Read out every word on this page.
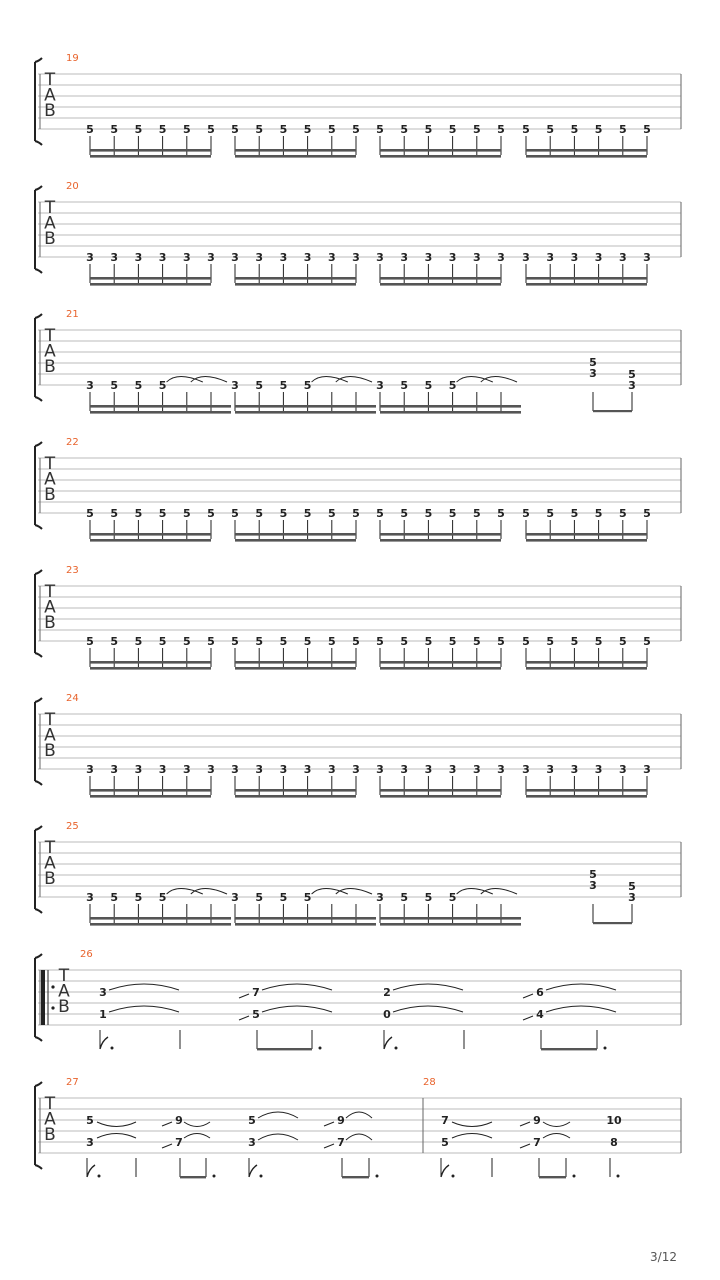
T
A
B
19
5 5 5 5 5 5 5 5 5 5 5 5 5 5 5 5 5 5 5 5 5 5 5 5
T
A
B
20
3 3 3 3 3 3 3 3 3 3 3 3 3 3 3 3 3 3 3 3 3 3 3 3
T
A
B
21
3 5 5 5	3 5 5 5	3 5 5 5
5
3	5
3
T
A
B
22
5 5 5 5 5 5 5 5 5 5 5 5 5 5 5 5 5 5 5 5 5 5 5 5
T
A
B
23
5 5 5 5 5 5 5 5 5 5 5 5 5 5 5 5 5 5 5 5 5 5 5 5
T
A
B
24
3 3 3 3 3 3 3 3 3 3 3 3 3 3 3 3 3 3 3 3 3 3 3 3
T
A
B
25
3 5 5 5	3 5 5 5	3 5 5 5
5
3	5
3
T
A
B
26
3
1
7
5
2
0
6
4
T
A
B
27	28
5
3
9
7
5
3
9
7
7
5
9
7
10
8
3/12
